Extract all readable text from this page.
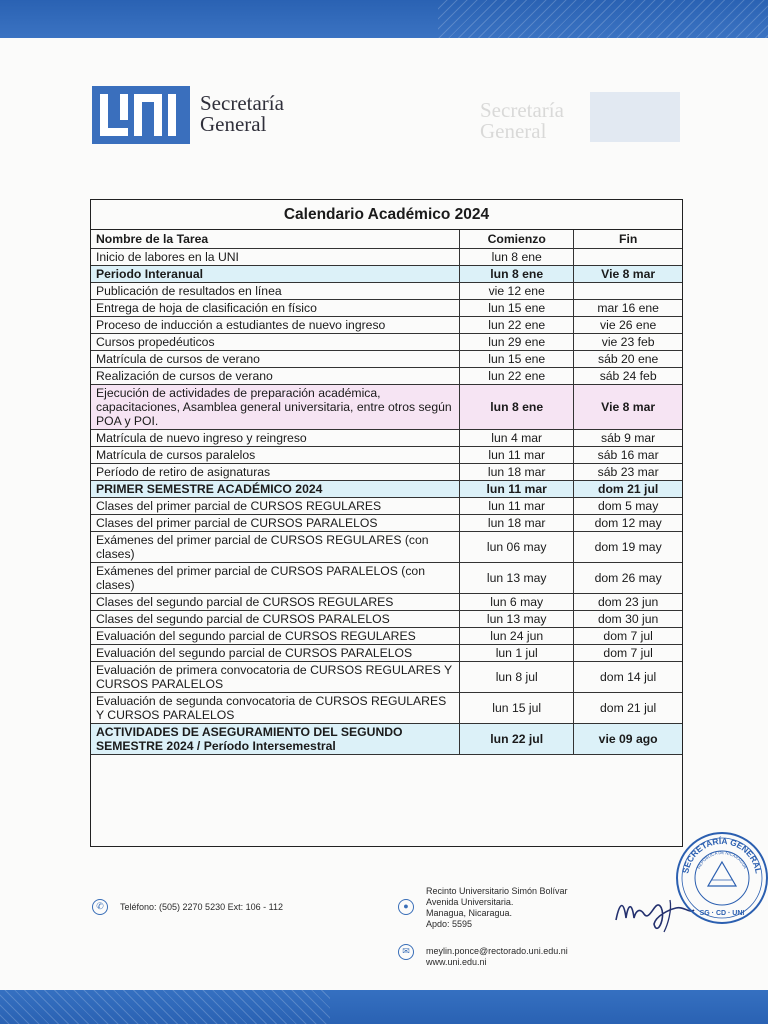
Secretaría
General
Secretaría
General
Calendario Académico 2024
Nombre de la Tarea	Comienzo	Fin
Inicio de labores en la UNI	lun 8 ene	
Periodo Interanual	lun 8 ene	Vie 8 mar
Publicación de resultados en línea	vie 12 ene	
Entrega de hoja de clasificación en físico	lun 15 ene	mar 16 ene
Proceso de inducción a estudiantes de nuevo ingreso	lun 22 ene	vie 26 ene
Cursos propedéuticos	lun 29 ene	vie 23 feb
Matrícula de cursos de verano	lun 15 ene	sáb 20 ene
Realización de cursos de verano	lun 22 ene	sáb 24 feb
Ejecución de actividades de preparación académica, capacitaciones, Asamblea general universitaria, entre otros según POA y POI.	lun 8 ene	Vie 8 mar
Matrícula de nuevo ingreso y reingreso	lun 4 mar	sáb 9 mar
Matrícula de cursos paralelos	lun 11 mar	sáb 16 mar
Período de retiro de asignaturas	lun 18 mar	sáb 23 mar
PRIMER SEMESTRE ACADÉMICO 2024	lun 11 mar	dom 21 jul
Clases del primer parcial de CURSOS REGULARES	lun 11 mar	dom 5 may
Clases del primer parcial de CURSOS PARALELOS	lun 18 mar	dom 12 may
Exámenes del primer parcial de CURSOS REGULARES (con clases)	lun 06 may	dom 19 may
Exámenes del primer parcial de CURSOS PARALELOS (con clases)	lun 13 may	dom 26 may
Clases del segundo parcial de CURSOS REGULARES	lun 6 may	dom 23 jun
Clases del segundo parcial de CURSOS PARALELOS	lun 13 may	dom 30 jun
Evaluación del segundo parcial de CURSOS REGULARES	lun 24 jun	dom 7 jul
Evaluación del segundo parcial de CURSOS PARALELOS	lun 1 jul	dom 7 jul
Evaluación de primera convocatoria de CURSOS REGULARES Y CURSOS PARALELOS	lun 8 jul	dom 14 jul
Evaluación de segunda convocatoria de CURSOS REGULARES Y CURSOS PARALELOS	lun 15 jul	dom 21 jul
ACTIVIDADES DE ASEGURAMIENTO DEL SEGUNDO SEMESTRE 2024 / Período Intersemestral	lun 22 jul	vie 09 ago
✆	Teléfono: (505) 2270 5230 Ext: 106 - 112	●
Recinto Universitario Simón Bolívar
Avenida Universitaria.
Managua, Nicaragua.
Apdo: 5595
✉	meylin.ponce@rectorado.uni.edu.ni
www.uni.edu.ni
SECRETARÍA GENERAL
REPÚBLICA DE NICARAGUA
SG · CD · UNI
